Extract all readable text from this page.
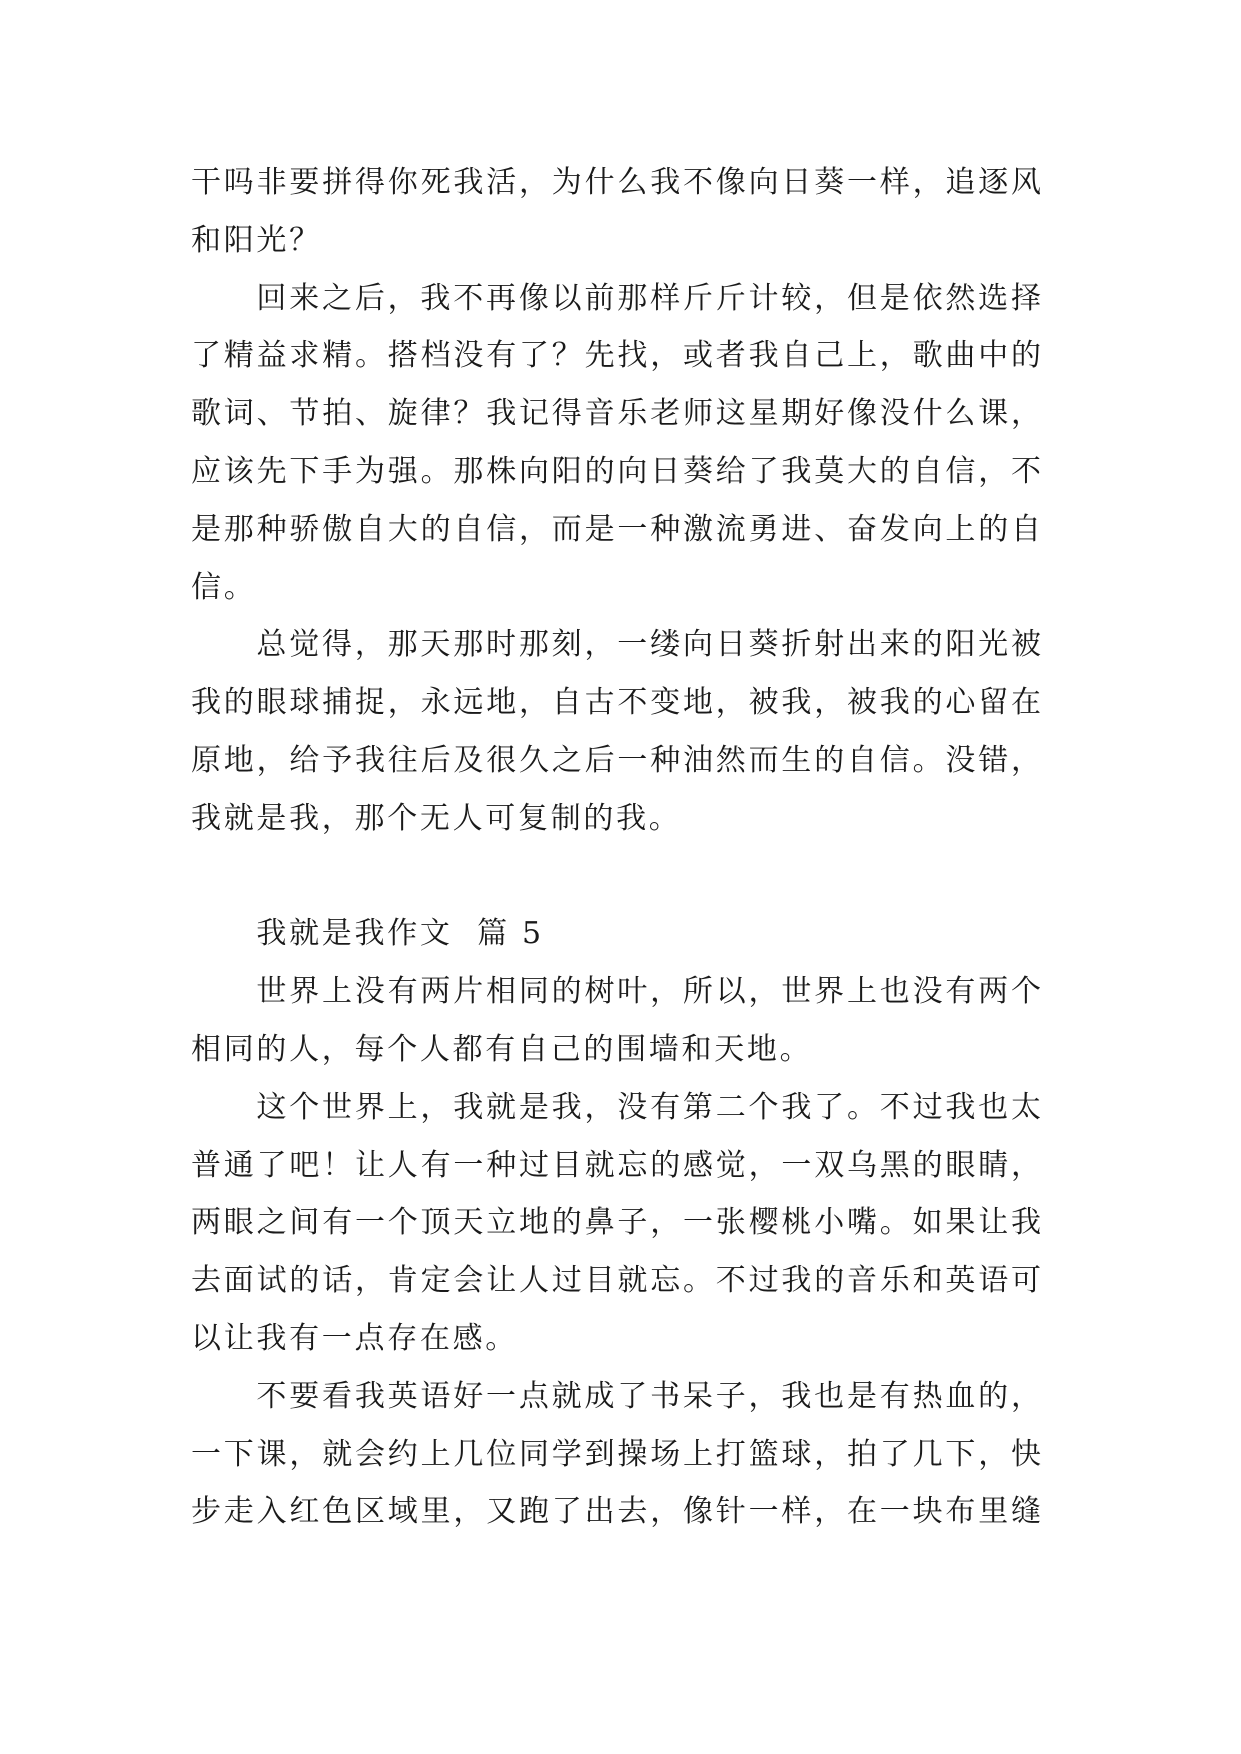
干吗非要拼得你死我活，为什么我不像向日葵一样，追逐风
和阳光？
回来之后，我不再像以前那样斤斤计较，但是依然选择
了精益求精。搭档没有了？先找，或者我自己上，歌曲中的
歌词、节拍、旋律？我记得音乐老师这星期好像没什么课，
应该先下手为强。那株向阳的向日葵给了我莫大的自信，不
是那种骄傲自大的自信，而是一种激流勇进、奋发向上的自
信。
总觉得，那天那时那刻，一缕向日葵折射出来的阳光被
我的眼球捕捉，永远地，自古不变地，被我，被我的心留在
原地，给予我往后及很久之后一种油然而生的自信。没错，
我就是我，那个无人可复制的我。
我就是我作文  篇 5
世界上没有两片相同的树叶，所以，世界上也没有两个
相同的人，每个人都有自己的围墙和天地。
这个世界上，我就是我，没有第二个我了。不过我也太
普通了吧！让人有一种过目就忘的感觉，一双乌黑的眼睛，
两眼之间有一个顶天立地的鼻子，一张樱桃小嘴。如果让我
去面试的话，肯定会让人过目就忘。不过我的音乐和英语可
以让我有一点存在感。
不要看我英语好一点就成了书呆子，我也是有热血的，
一下课，就会约上几位同学到操场上打篮球，拍了几下，快
步走入红色区域里，又跑了出去，像针一样，在一块布里缝
